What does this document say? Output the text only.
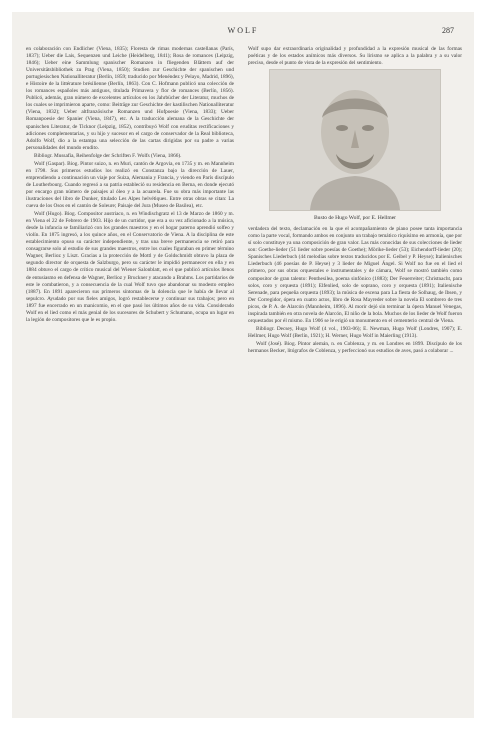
WOLF	287

en colaboración con Endlicher (Viena, 1835); Floresta de rimas modernas castellanas (París, 1837); Ueber die Lais, Sequenzen und Leiche (Heidelberg, 1841); Rosa de romances (Leipzig, 1846); Ueber eine Sammlung spanischer Romanzen in fliegenden Blättern auf der Universitätsbibliothek zu Prag (Viena, 1850); Studien zur Geschichte der spanischen und portugiesischen Nationalliteratur (Berlín, 1859; traducido por Menéndez y Pelayo, Madrid, 1896), e Histoire de la littérature brésilienne (Berlín, 1863). Con C. Hofmann publicó una colección de los romances españoles más antiguos, titulada Primavera y flor de romances (Berlín, 1856). Publicó, además, gran número de excelentes artículos en los Jahrbücher der Literatur, muchos de los cuales se imprimieron aparte, como: Beiträge zur Geschichte der kastilischen Nationalliteratur (Viena, 1832); Ueber altfranzösische Romanzen und Hofpoesie (Viena, 1833); Ueber Romanpoesie der Spanier (Viena, 1847), etc. A la traducción alemana de la Geschichte der spanischen Literatur, de Ticknor (Leipzig, 1852), contribuyó Wolf con eruditas rectificaciones y adiciones complementarias, y su hijo y sucesor en el cargo de conservador de la Real biblioteca, Adolfo Wolf, dio a la estampa una selección de las cartas dirigidas por su padre a varias personalidades del mundo erudito.

Bibliogr. Mussafia, Reihenfolge der Schriften F. Wolfs (Viena, 1866).

Wolf (Gaspar). Biog. Pintor suizo, n. en Muri, cantón de Argovia, en 1735 y m. en Mannheim en 1798. Sus primeros estudios los realizó en Constanza bajo la dirección de Lauer, emprendiendo a continuación un viaje por Suiza, Alemania y Francia, y viendo en París discípulo de Loutherbourg. Cuando regresó a su patria estableció su residencia en Berna, en donde ejecutó por encargo gran número de paisajes al óleo y a la acuarela. Fue su obra más importante las ilustraciones del libro de Dunker, titulado Les Alpes helvétiques. Entre otras obras se citan: La cueva de los Osos en el cantón de Soleure; Paisaje del Jura (Museo de Basilea), etc.

Wolf (Hugo). Biog. Compositor austriaco, n. en Windischgratz el 13 de Marzo de 1860 y m. en Viena el 22 de Febrero de 1903. Hijo de un curtidor, que era a su vez aficionado a la música, desde la infancia se familiarizó con los grandes maestros y en el hogar paterno aprendió solfeo y violín. En 1875 ingresó, a los quince años, en el Conservatorio de Viena. A la disciplina de este establecimiento opuso su carácter independiente, y tras una breve permanencia se retiró para consagrarse solo al estudio de sus grandes maestros, entre los cuales figuraban en primer término Wagner, Berlioz y Liszt. Gracias a la protección de Mottl y de Goldschmidt obtuvo la plaza de segundo director de orquesta de Salzburgo, pero su carácter le impidió permanecer en ella y en 1884 obtuvo el cargo de crítico musical del Wiener Salonblatt, en el que publicó artículos llenos de entusiasmo en defensa de Wagner, Berlioz y Bruckner y atacando a Brahms. Los partidarios de este le combatieron, y a consecuencia de la cual Wolf tuvo que abandonar su modesto empleo (1887). En 1891 aparecieron sus primeros síntomas de la dolencia que le había de llevar al sepulcro. Ayudado por sus fieles amigos, logró restablecerse y continuar sus trabajos; pero en 1897 fue encerrado en un manicomio, en el que pasó los últimos años de su vida. Considerado Wolf en el lied como el más genial de los sucesores de Schubert y Schumann, ocupa un lugar en la legión de compositores que le es propio.

Wolf supo dar extraordinaria originalidad y profundidad a la expresión musical de las formas poéticas y de los estados anímicos más diversos. Su lirismo se aplica a la palabra y a su valor preciso, desde el punto de vista de la expresión del sentimiento.

Busto de Hugo Wolf, por E. Hellmer

verdadera del texto, declamación en la que el acompañamiento de piano posee tanta importancia como la parte vocal, formando ambos en conjunto un trabajo temático riquísimo en armonía, que por sí solo constituye ya una composición de gran valor. Las más conocidas de sus colecciones de lieder son: Goethe-lieder (51 lieder sobre poesías de Goethe); Mörike-lieder (53); Eichendorff-lieder (20); Spanisches Liederbuch (44 melodías sobre textos traducidos por E. Geibel y P. Heyse); Italienisches Liederbuch (46 poesías de P. Heyse) y 3 lieder de Miguel Ángel. Si Wolf no fue en el lied el primero, por sus obras orquestales e instrumentales y de cámara, Wolf se mostró también como compositor de gran talento: Penthesilea, poema sinfónico (1883); Der Feuerreiter; Christnacht, para solos, coro y orquesta (1891); Elfenlied, solo de soprano, coro y orquesta (1891); Italienische Serenade, para pequeña orquesta (1893); la música de escena para La fiesta de Solhaug, de Ibsen, y Der Corregidor, ópera en cuatro actos, libro de Rosa Mayreder sobre la novela El sombrero de tres picos, de P. A. de Alarcón (Mannheim, 1896). Al morir dejó sin terminar la ópera Manuel Venegas, inspirada también en otra novela de Alarcón, El niño de la bola. Muchos de los lieder de Wolf fueron orquestados por él mismo. En 1906 se le erigió un monumento en el cementerio central de Viena.

Bibliogr. Decsey, Hugo Wolf (4 vol., 1903-06); E. Newman, Hugo Wolf (Londres, 1907); E. Hellmer, Hugo Wolf (Berlín, 1921); H. Werner, Hugo Wolf in Maierling (1913).

Wolf (José). Biog. Pintor alemán, n. en Coblenza, y m. en Londres en 1899. Discípulo de los hermanos Becker, litógrafos de Coblenza, y perfeccionó sus estudios de aves, pasó a colaborar ...
